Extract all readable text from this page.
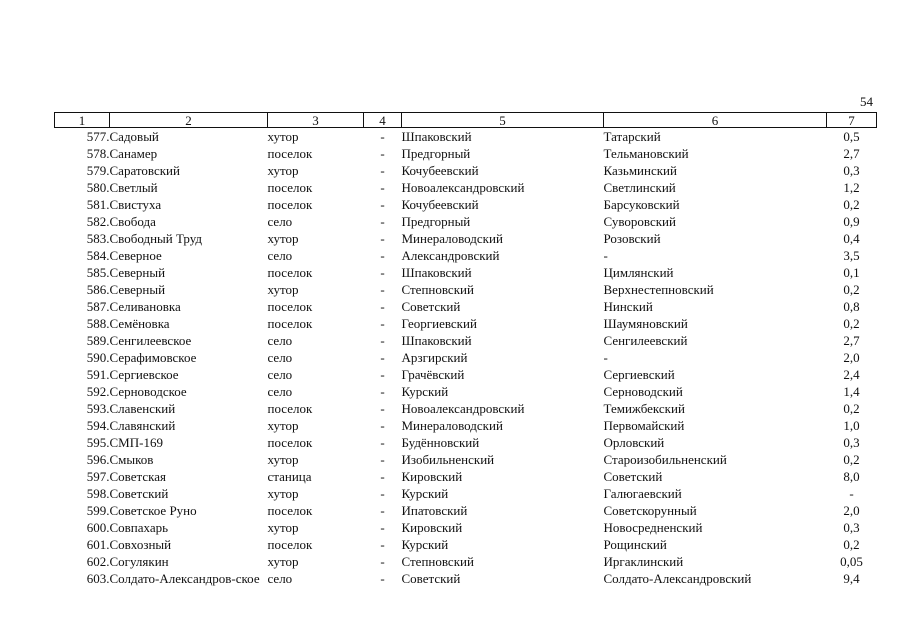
54
1	2	3	4	5	6	7
577.	Садовый	хутор	-	Шпаковский	Татарский	0,5
578.	Санамер	поселок	-	Предгорный	Тельмановский	2,7
579.	Саратовский	хутор	-	Кочубеевский	Казьминский	0,3
580.	Светлый	поселок	-	Новоалександровский	Светлинский	1,2
581.	Свистуха	поселок	-	Кочубеевский	Барсуковский	0,2
582.	Свобода	село	-	Предгорный	Суворовский	0,9
583.	Свободный Труд	хутор	-	Минераловодский	Розовский	0,4
584.	Северное	село	-	Александровский	-	3,5
585.	Северный	поселок	-	Шпаковский	Цимлянский	0,1
586.	Северный	хутор	-	Степновский	Верхнестепновский	0,2
587.	Селивановка	поселок	-	Советский	Нинский	0,8
588.	Семёновка	поселок	-	Георгиевский	Шаумяновский	0,2
589.	Сенгилеевское	село	-	Шпаковский	Сенгилеевский	2,7
590.	Серафимовское	село	-	Арзгирский	-	2,0
591.	Сергиевское	село	-	Грачёвский	Сергиевский	2,4
592.	Серноводское	село	-	Курский	Серноводский	1,4
593.	Славенский	поселок	-	Новоалександровский	Темижбекский	0,2
594.	Славянский	хутор	-	Минераловодский	Первомайский	1,0
595.	СМП-169	поселок	-	Будённовский	Орловский	0,3
596.	Смыков	хутор	-	Изобильненский	Староизобильненский	0,2
597.	Советская	станица	-	Кировский	Советский	8,0
598.	Советский	хутор	-	Курский	Галюгаевский	-
599.	Советское Руно	поселок	-	Ипатовский	Советскорунный	2,0
600.	Совпахарь	хутор	-	Кировский	Новосредненский	0,3
601.	Совхозный	поселок	-	Курский	Рощинский	0,2
602.	Согулякин	хутор	-	Степновский	Иргаклинский	0,05
603.	Солдато-Александров-ское	село	-	Советский	Солдато-Александровский	9,4
